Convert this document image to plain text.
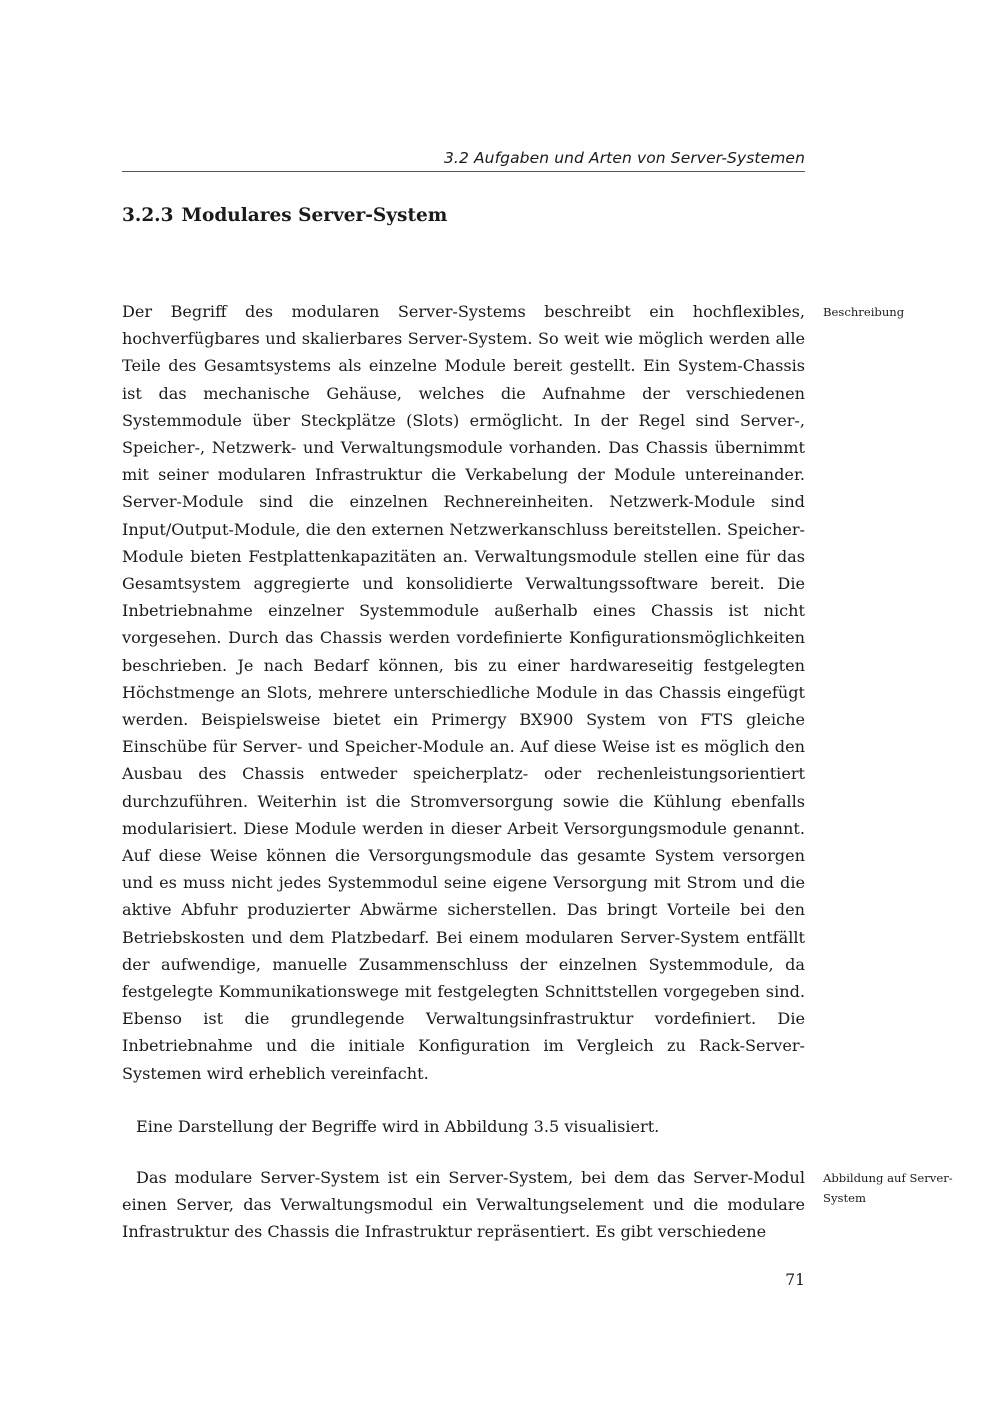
3.2 Aufgaben und Arten von Server-Systemen
3.2.3 Modulares Server-System

Der Begriff des modularen Server-Systems beschreibt ein hochflexibles, hochverfügbares und skalierbares Server-System. So weit wie möglich werden alle Teile des Gesamtsystems als einzelne Module bereit gestellt. Ein System-Chassis ist das mechanische Gehäuse, welches die Aufnahme der verschiedenen Systemmodule über Steckplätze (Slots) ermöglicht. In der Regel sind Server-, Speicher-, Netzwerk- und Verwaltungsmodule vorhanden. Das Chassis übernimmt mit seiner modularen Infrastruktur die Verkabelung der Module untereinander. Server-Module sind die einzelnen Rechnereinheiten. Netzwerk-Module sind Input/Output-Module, die den externen Netzwerkanschluss bereitstellen. Speicher-Module bieten Festplattenkapazitäten an. Verwaltungsmodule stellen eine für das Gesamtsystem aggregierte und konsolidierte Verwaltungssoftware bereit. Die Inbetriebnahme einzelner Systemmodule außerhalb eines Chassis ist nicht vorgesehen. Durch das Chassis werden vordefinierte Konfigurationsmöglichkeiten beschrieben. Je nach Bedarf können, bis zu einer hardwareseitig festgelegten Höchstmenge an Slots, mehrere unterschiedliche Module in das Chassis eingefügt werden. Beispielsweise bietet ein Primergy BX900 System von FTS gleiche Einschübe für Server- und Speicher-Module an. Auf diese Weise ist es möglich den Ausbau des Chassis entweder speicherplatz- oder rechenleistungsorientiert durchzuführen. Weiterhin ist die Stromversorgung sowie die Kühlung ebenfalls modularisiert. Diese Module werden in dieser Arbeit Versorgungsmodule genannt. Auf diese Weise können die Versorgungsmodule das gesamte System versorgen und es muss nicht jedes Systemmodul seine eigene Versorgung mit Strom und die aktive Abfuhr produzierter Abwärme sicherstellen. Das bringt Vorteile bei den Betriebskosten und dem Platzbedarf. Bei einem modularen Server-System entfällt der aufwendige, manuelle Zusammenschluss der einzelnen Systemmodule, da festgelegte Kommunikationswege mit festgelegten Schnittstellen vorgegeben sind. Ebenso ist die grundlegende Verwaltungsinfrastruktur vordefiniert. Die Inbetriebnahme und die initiale Konfiguration im Vergleich zu Rack-Server-Systemen wird erheblich vereinfacht.

Beschreibung

Eine Darstellung der Begriffe wird in Abbildung 3.5 visualisiert.

Das modulare Server-System ist ein Server-System, bei dem das Server-Modul einen Server, das Verwaltungsmodul ein Verwaltungselement und die modulare Infrastruktur des Chassis die Infrastruktur repräsentiert. Es gibt verschiedene

Abbildung auf Server-System

71
